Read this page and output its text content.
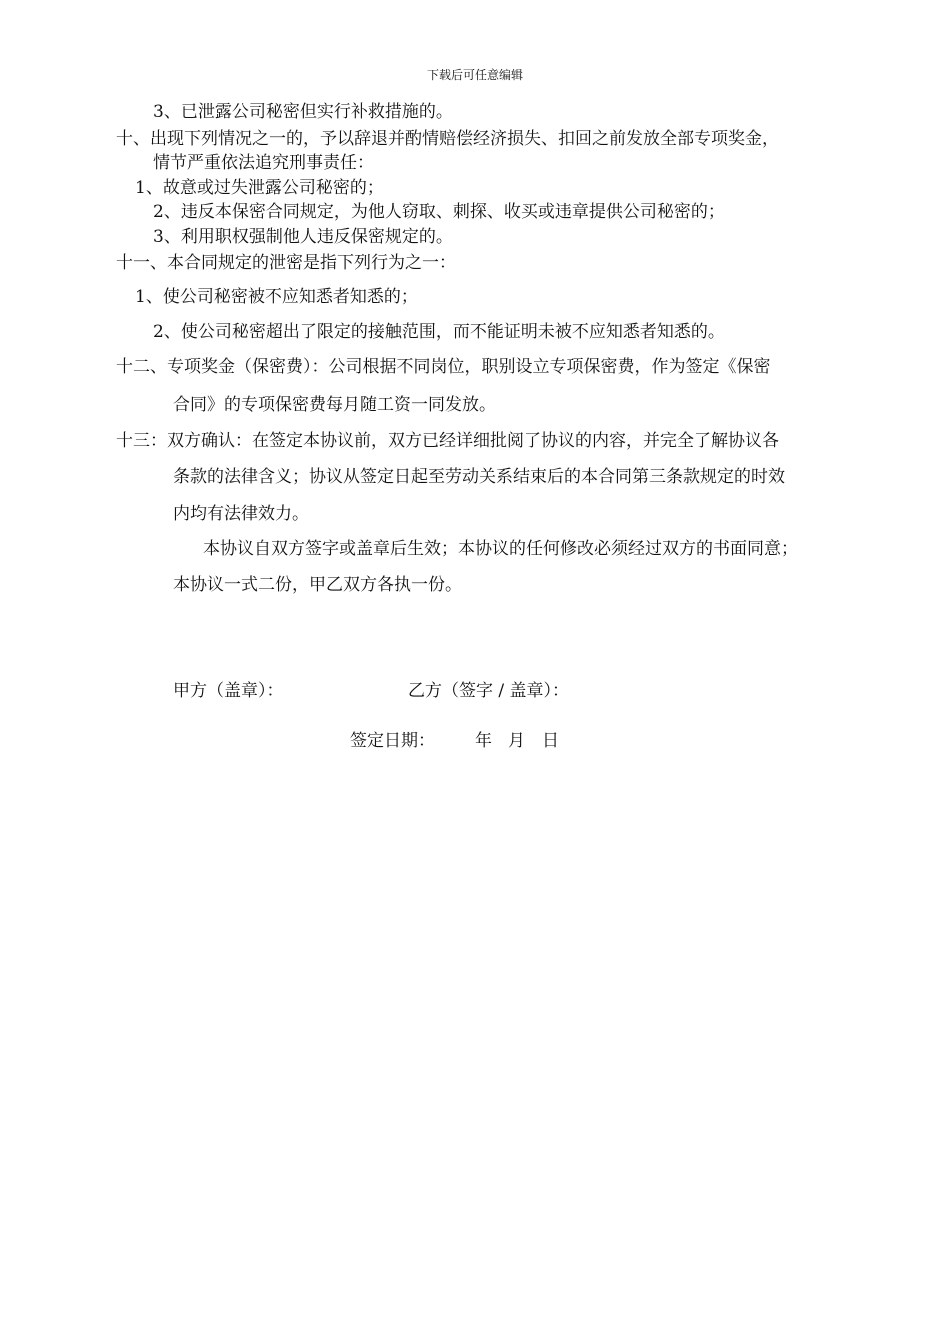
下载后可任意编辑
3、已泄露公司秘密但实行补救措施的。
十、出现下列情况之一的，予以辞退并酌情赔偿经济损失、扣回之前发放全部专项奖金，
情节严重依法追究刑事责任：
1、故意或过失泄露公司秘密的；
2、违反本保密合同规定，为他人窃取、刺探、收买或违章提供公司秘密的；
3、利用职权强制他人违反保密规定的。
十一、本合同规定的泄密是指下列行为之一：
1、使公司秘密被不应知悉者知悉的；
2、使公司秘密超出了限定的接触范围，而不能证明未被不应知悉者知悉的。
十二、专项奖金（保密费）：公司根据不同岗位，职别设立专项保密费，作为签定《保密
合同》的专项保密费每月随工资一同发放。
十三：双方确认：在签定本协议前，双方已经详细批阅了协议的内容，并完全了解协议各
条款的法律含义；协议从签定日起至劳动关系结束后的本合同第三条款规定的时效
内均有法律效力。
本协议自双方签字或盖章后生效；本协议的任何修改必须经过双方的书面同意；
本协议一式二份，甲乙双方各执一份。
甲方（盖章）：	乙方（签字 / 盖章）：
签定日期： 年 月 日
